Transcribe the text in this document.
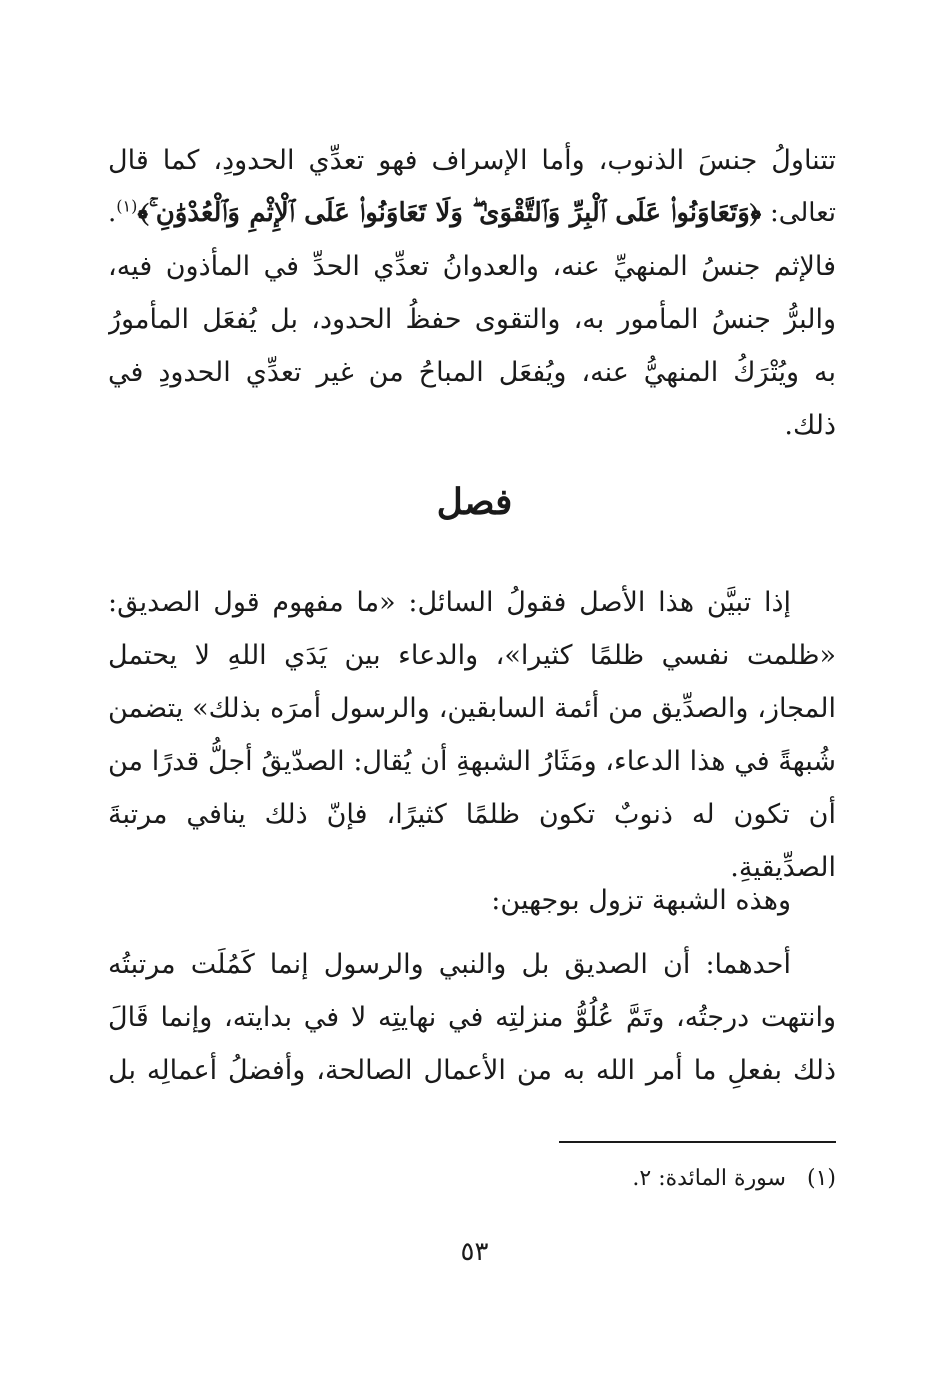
تتناولُ جنسَ الذنوب، وأما الإسراف فهو تعدِّي الحدودِ، كما قال
تعالى: ﴿وَتَعَاوَنُوا۟ عَلَى ٱلْبِرِّ وَٱلتَّقْوَىٰ ۖ وَلَا تَعَاوَنُوا۟ عَلَى ٱلْإِثْمِ وَٱلْعُدْوَٰنِ ۚ﴾$^{(١)}$.
فالإثم جنسُ المنهيِّ عنه، والعدوانُ تعدِّي الحدِّ في المأذون فيه،
والبرُّ جنسُ المأمور به، والتقوى حفظُ الحدود، بل يُفعَل المأمورُ
به ويُتْرَكُ المنهيُّ عنه، ويُفعَل المباحُ من غير تعدِّي الحدودِ في
ذلك.
فصل
إذا تبيَّن هذا الأصل فقولُ السائل: «ما مفهوم قول الصديق:
«ظلمت نفسي ظلمًا كثيرا»، والدعاء بين يَدَي اللهِ لا يحتمل
المجاز، والصدِّيق من أئمة السابقين، والرسول أمرَه بذلك» يتضمن
شُبهةً في هذا الدعاء، ومَثَارُ الشبهةِ أن يُقال: الصدّيقُ أجلُّ قدرًا من
أن تكون له ذنوبٌ تكون ظلمًا كثيرًا، فإنّ ذلك ينافي مرتبةَ
الصدِّيقيةِ.
وهذه الشبهة تزول بوجهين:
أحدهما: أن الصديق بل والنبي والرسول إنما كَمُلَت مرتبتُه
وانتهت درجتُه، وتَمَّ عُلُوُّ منزلتِه في نهايتِه لا في بدايته، وإنما قَالَ
ذلك بفعلِ ما أمر الله به من الأعمال الصالحة، وأفضلُ أعمالِه بل
(١)   سورة المائدة: ٢.
٥٣
